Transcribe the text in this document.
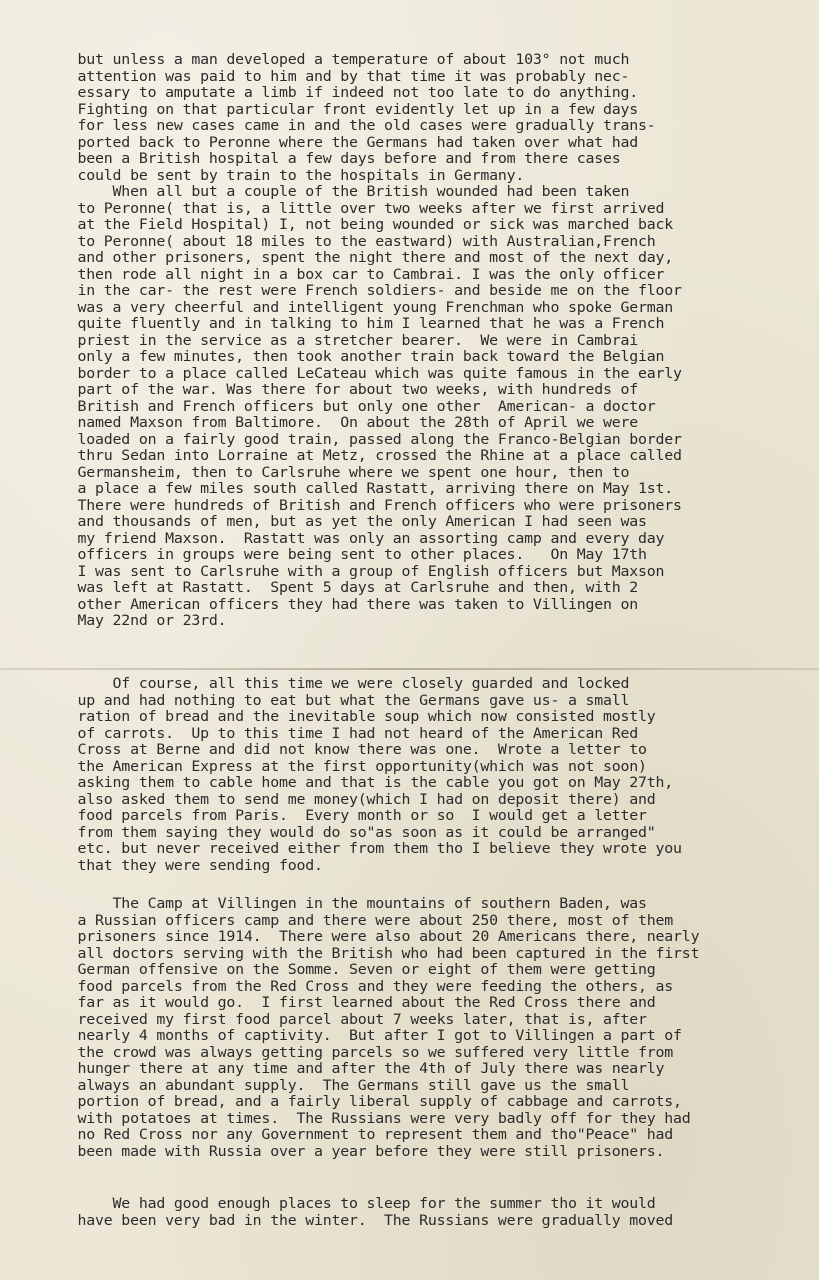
but unless a man developed a temperature of about 103° not much
attention was paid to him and by that time it was probably nec-
essary to amputate a limb if indeed not too late to do anything.
Fighting on that particular front evidently let up in a few days
for less new cases came in and the old cases were gradually trans-
ported back to Peronne where the Germans had taken over what had
been a British hospital a few days before and from there cases
could be sent by train to the hospitals in Germany.
When all but a couple of the British wounded had been taken
to Peronne( that is, a little over two weeks after we first arrived
at the Field Hospital) I, not being wounded or sick was marched back
to Peronne( about 18 miles to the eastward) with Australian,French
and other prisoners, spent the night there and most of the next day,
then rode all night in a box car to Cambrai. I was the only officer
in the car- the rest were French soldiers- and beside me on the floor
was a very cheerful and intelligent young Frenchman who spoke German
quite fluently and in talking to him I learned that he was a French
priest in the service as a stretcher bearer.  We were in Cambrai
only a few minutes, then took another train back toward the Belgian
border to a place called LeCateau which was quite famous in the early
part of the war. Was there for about two weeks, with hundreds of
British and French officers but only one other  American- a doctor
named Maxson from Baltimore.  On about the 28th of April we were
loaded on a fairly good train, passed along the Franco-Belgian border
thru Sedan into Lorraine at Metz, crossed the Rhine at a place called
Germansheim, then to Carlsruhe where we spent one hour, then to
a place a few miles south called Rastatt, arriving there on May 1st.
There were hundreds of British and French officers who were prisoners
and thousands of men, but as yet the only American I had seen was
my friend Maxson.  Rastatt was only an assorting camp and every day
officers in groups were being sent to other places.   On May 17th
I was sent to Carlsruhe with a group of English officers but Maxson
was left at Rastatt.  Spent 5 days at Carlsruhe and then, with 2
other American officers they had there was taken to Villingen on
May 22nd or 23rd.
Of course, all this time we were closely guarded and locked
up and had nothing to eat but what the Germans gave us- a small
ration of bread and the inevitable soup which now consisted mostly
of carrots.  Up to this time I had not heard of the American Red
Cross at Berne and did not know there was one.  Wrote a letter to
the American Express at the first opportunity(which was not soon)
asking them to cable home and that is the cable you got on May 27th,
also asked them to send me money(which I had on deposit there) and
food parcels from Paris.  Every month or so  I would get a letter
from them saying they would do so"as soon as it could be arranged"
etc. but never received either from them tho I believe they wrote you
that they were sending food.
The Camp at Villingen in the mountains of southern Baden, was
a Russian officers camp and there were about 250 there, most of them
prisoners since 1914.  There were also about 20 Americans there, nearly
all doctors serving with the British who had been captured in the first
German offensive on the Somme. Seven or eight of them were getting
food parcels from the Red Cross and they were feeding the others, as
far as it would go.  I first learned about the Red Cross there and
received my first food parcel about 7 weeks later, that is, after
nearly 4 months of captivity.  But after I got to Villingen a part of
the crowd was always getting parcels so we suffered very little from
hunger there at any time and after the 4th of July there was nearly
always an abundant supply.  The Germans still gave us the small
portion of bread, and a fairly liberal supply of cabbage and carrots,
with potatoes at times.  The Russians were very badly off for they had
no Red Cross nor any Government to represent them and tho"Peace" had
been made with Russia over a year before they were still prisoners.
We had good enough places to sleep for the summer tho it would
have been very bad in the winter.  The Russians were gradually moved
